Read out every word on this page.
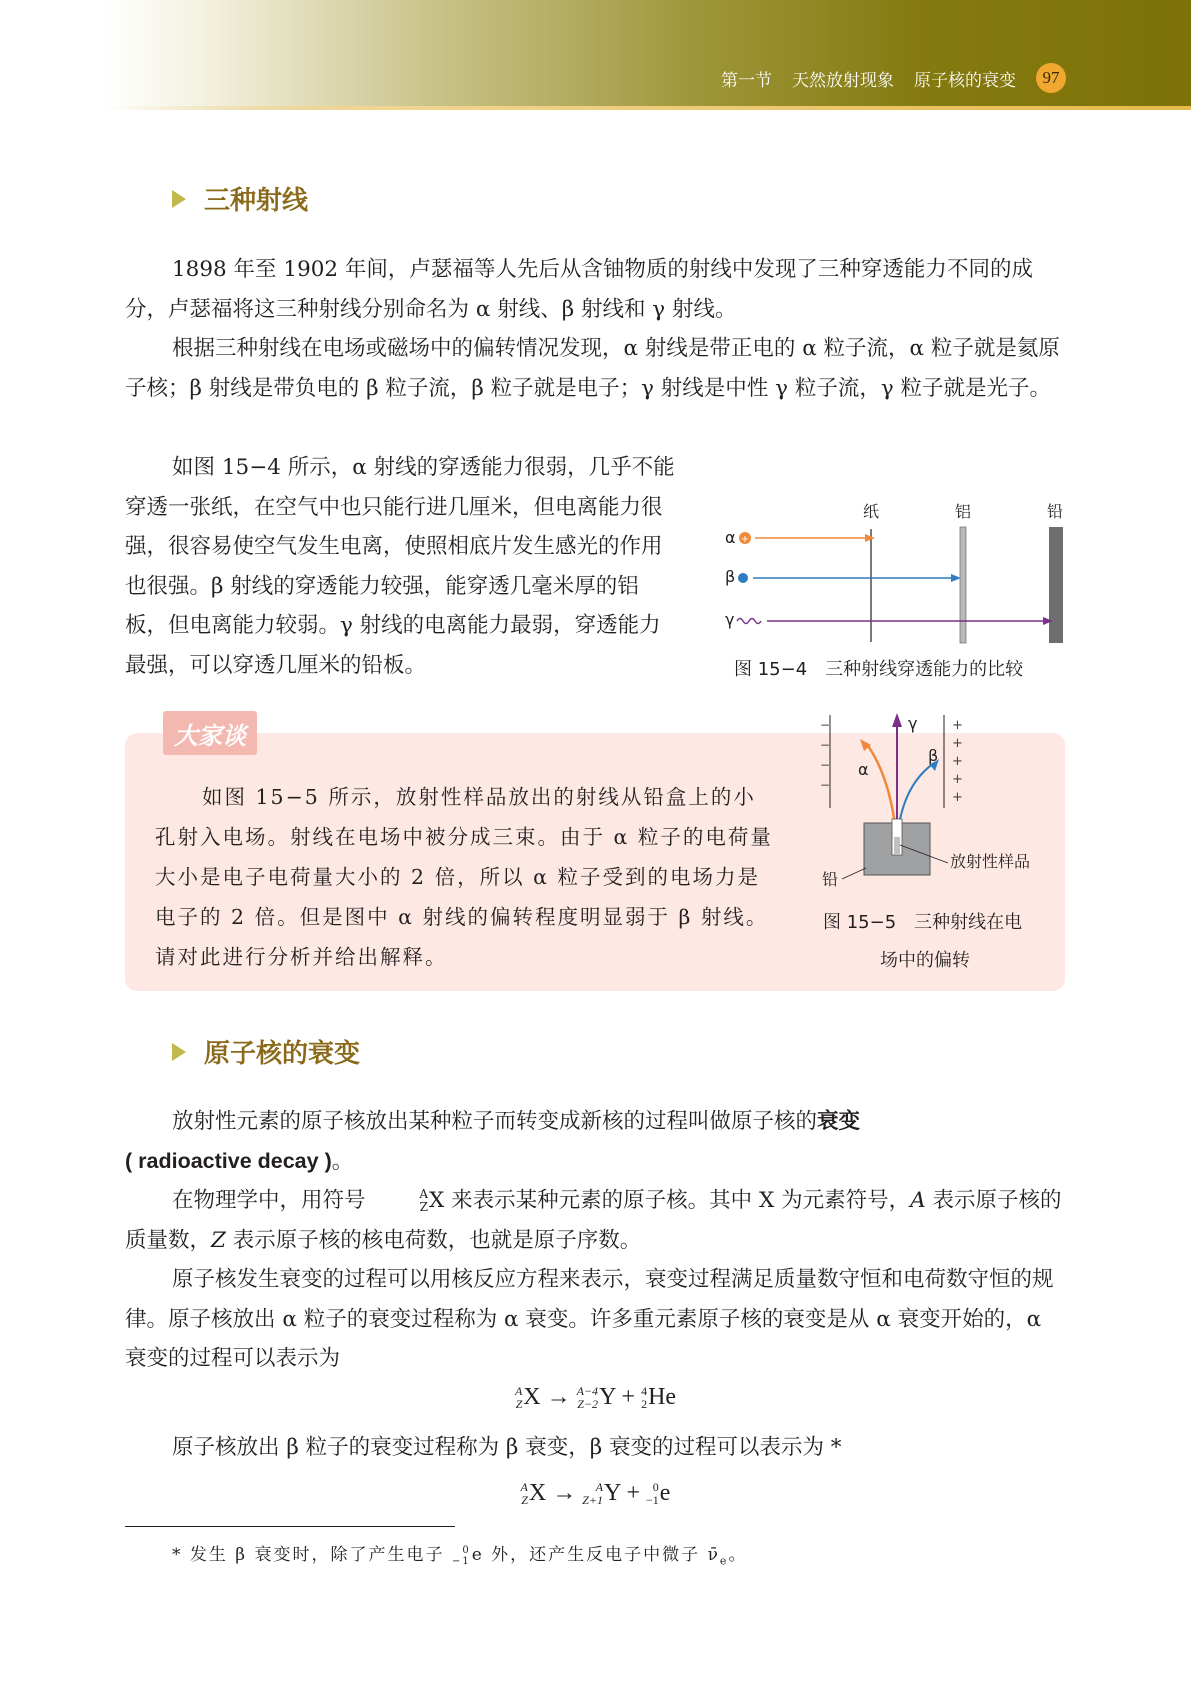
第一节 天然放射现象 原子核的衰变	97
三种射线

1898 年至 1902 年间，卢瑟福等人先后从含铀物质的射线中发现了三种穿透能力不同的成分，卢瑟福将这三种射线分别命名为 α 射线、β 射线和 γ 射线。

根据三种射线在电场或磁场中的偏转情况发现，α 射线是带正电的 α 粒子流，α 粒子就是氦原子核；β 射线是带负电的 β 粒子流，β 粒子就是电子；γ 射线是中性 γ 粒子流，γ 粒子就是光子。

如图 15−4 所示，α 射线的穿透能力很弱，几乎不能穿透一张纸，在空气中也只能行进几厘米，但电离能力很强，很容易使空气发生电离，使照相底片发生感光的作用也很强。β 射线的穿透能力较强，能穿透几毫米厚的铝板，但电离能力较弱。γ 射线的电离能力最弱，穿透能力最强，可以穿透几厘米的铅板。

纸	铝	铅
α +
β
γ
图 15−4　三种射线穿透能力的比较
大家谈

如图 15−5 所示，放射性样品放出的射线从铅盒上的小孔射入电场。射线在电场中被分成三束。由于 α 粒子的电荷量大小是电子电荷量大小的 2 倍，所以 α 粒子受到的电场力是电子的 2 倍。但是图中 α 射线的偏转程度明显弱于 β 射线。请对此进行分析并给出解释。

−
−
−
−
+
+
+
+
+
γ
α
β
放射性样品
铅
图 15−5　三种射线在电
场中的偏转
原子核的衰变

放射性元素的原子核放出某种粒子而转变成新核的过程叫做原子核的衰变
( radioactive decay )。

在物理学中，用符号	A
Z X 来表示某种元素的原子核。其中 X 为元素符号，A 表示原子核的质量数，Z 表示原子核的核电荷数，也就是原子序数。

原子核发生衰变的过程可以用核反应方程来表示，衰变过程满足质量数守恒和电荷数守恒的规律。原子核放出 α 粒子的衰变过程称为 α 衰变。许多重元素原子核的衰变是从 α 衰变开始的，α 衰变的过程可以表示为

A
Z X → A−4
Z−2 Y + 4
2 He

原子核放出 β 粒子的衰变过程称为 β 衰变，β 衰变的过程可以表示为 *

A
Z X →	A
Z+1 Y +	0
−1 e
* 发生 β 衰变时，除了产生电子	0
−1 e 外，还产生反电子中微子 $\nū_e$。
